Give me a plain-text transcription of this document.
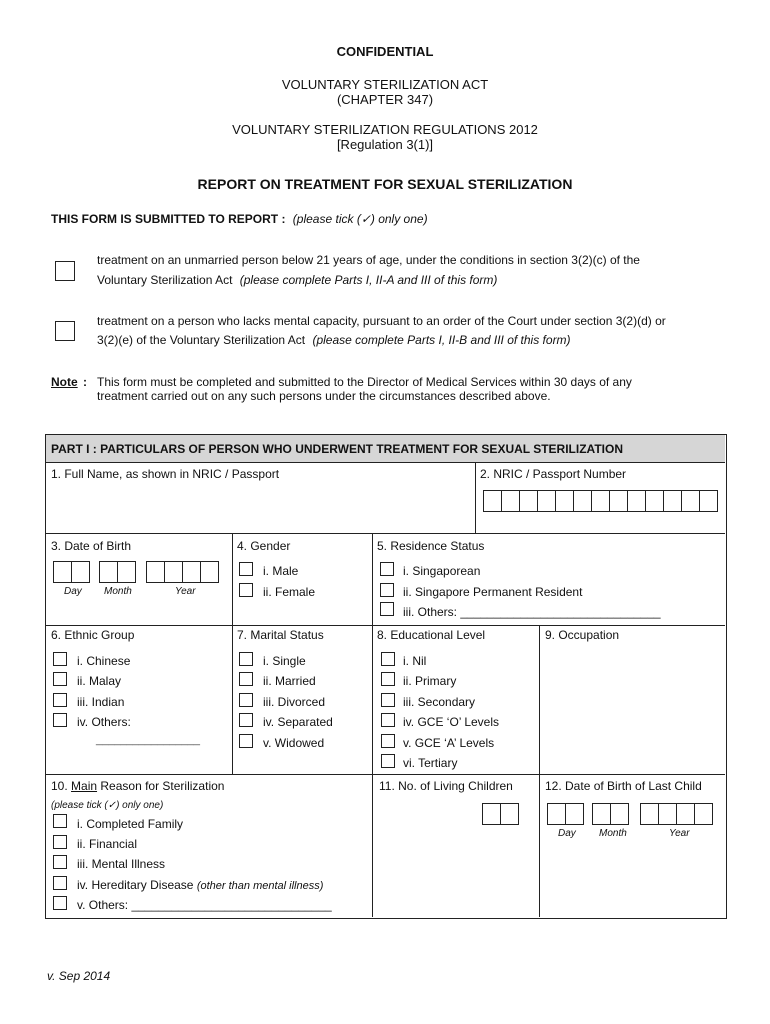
CONFIDENTIAL
VOLUNTARY STERILIZATION ACT
(CHAPTER 347)
VOLUNTARY STERILIZATION REGULATIONS 2012
[Regulation 3(1)]
REPORT ON TREATMENT FOR SEXUAL STERILIZATION
THIS FORM IS SUBMITTED TO REPORT : (please tick (✓) only one)
treatment on an unmarried person below 21 years of age, under the conditions in section 3(2)(c) of the
Voluntary Sterilization Act (please complete Parts I, II-A and III of this form)
treatment on a person who lacks mental capacity, pursuant to an order of the Court under section 3(2)(d) or
3(2)(e) of the Voluntary Sterilization Act (please complete Parts I, II-B and III of this form)
Note : This form must be completed and submitted to the Director of Medical Services within 30 days of any
treatment carried out on any such persons under the circumstances described above.
PART I : PARTICULARS OF PERSON WHO UNDERWENT TREATMENT FOR SEXUAL STERILIZATION
1. Full Name, as shown in NRIC / Passport	2. NRIC / Passport Number
3. Date of Birth
Day Month	Year
4. Gender
i. Male
ii. Female
5. Residence Status
i. Singaporean
ii. Singapore Permanent Resident
iii. Others: ______________________________
6. Ethnic Group
i. Chinese
ii. Malay
iii. Indian
iv. Others:
_________________
7. Marital Status
i. Single
ii. Married
iii. Divorced
iv. Separated
v. Widowed
8. Educational Level
i. Nil
ii. Primary
iii. Secondary
iv. GCE ‘O’ Levels
v. GCE ‘A’ Levels
vi. Tertiary
9. Occupation
10. Main Reason for Sterilization
(please tick (✓) only one)
i. Completed Family
ii. Financial
iii. Mental Illness
iv. Hereditary Disease (other than mental illness)
v. Others: ______________________________
11. No. of Living Children	12. Date of Birth of Last Child
Day Month	Year
v. Sep 2014
